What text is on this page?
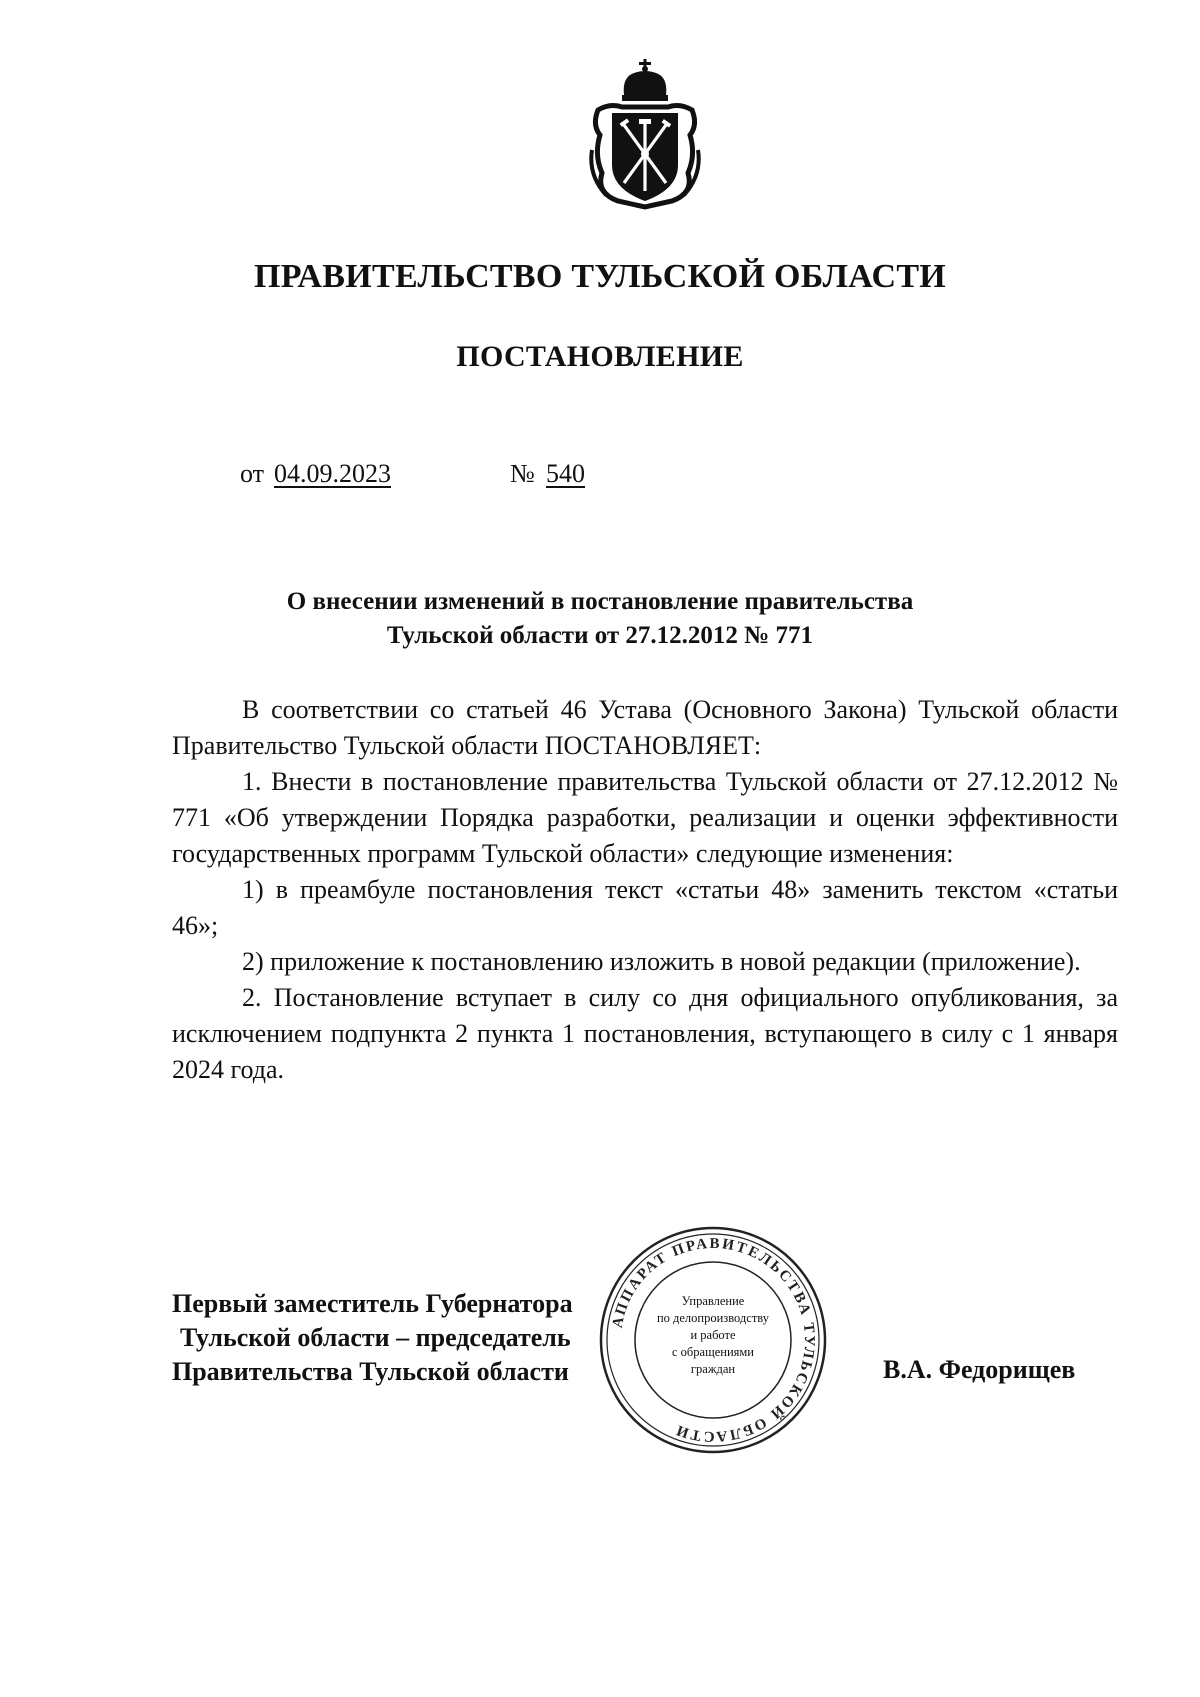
ПРАВИТЕЛЬСТВО ТУЛЬСКОЙ ОБЛАСТИ
ПОСТАНОВЛЕНИЕ
от 04.09.2023	№ 540
О внесении изменений в постановление правительства
Тульской области от 27.12.2012 № 771

В соответствии со статьей 46 Устава (Основного Закона) Тульской области Правительство Тульской области ПОСТАНОВЛЯЕТ:

1. Внести в постановление правительства Тульской области от 27.12.2012 № 771 «Об утверждении Порядка разработки, реализации и оценки эффективности государственных программ Тульской области» следующие изменения:

1) в преамбуле постановления текст «статьи 48» заменить текстом «статьи 46»;

2) приложение к постановлению изложить в новой редакции (приложение).

2. Постановление вступает в силу со дня официального опубликования, за исключением подпункта 2 пункта 1 постановления, вступающего в силу с 1 января 2024 года.

АППАРАТ ПРАВИТЕЛЬСТВА ТУЛЬСКОЙ ОБЛАСТИ
Управление
по делопроизводству
и работе
с обращениями
граждан
Первый заместитель Губернатора
Тульской области – председатель
Правительства Тульской области	В.А. Федорищев
